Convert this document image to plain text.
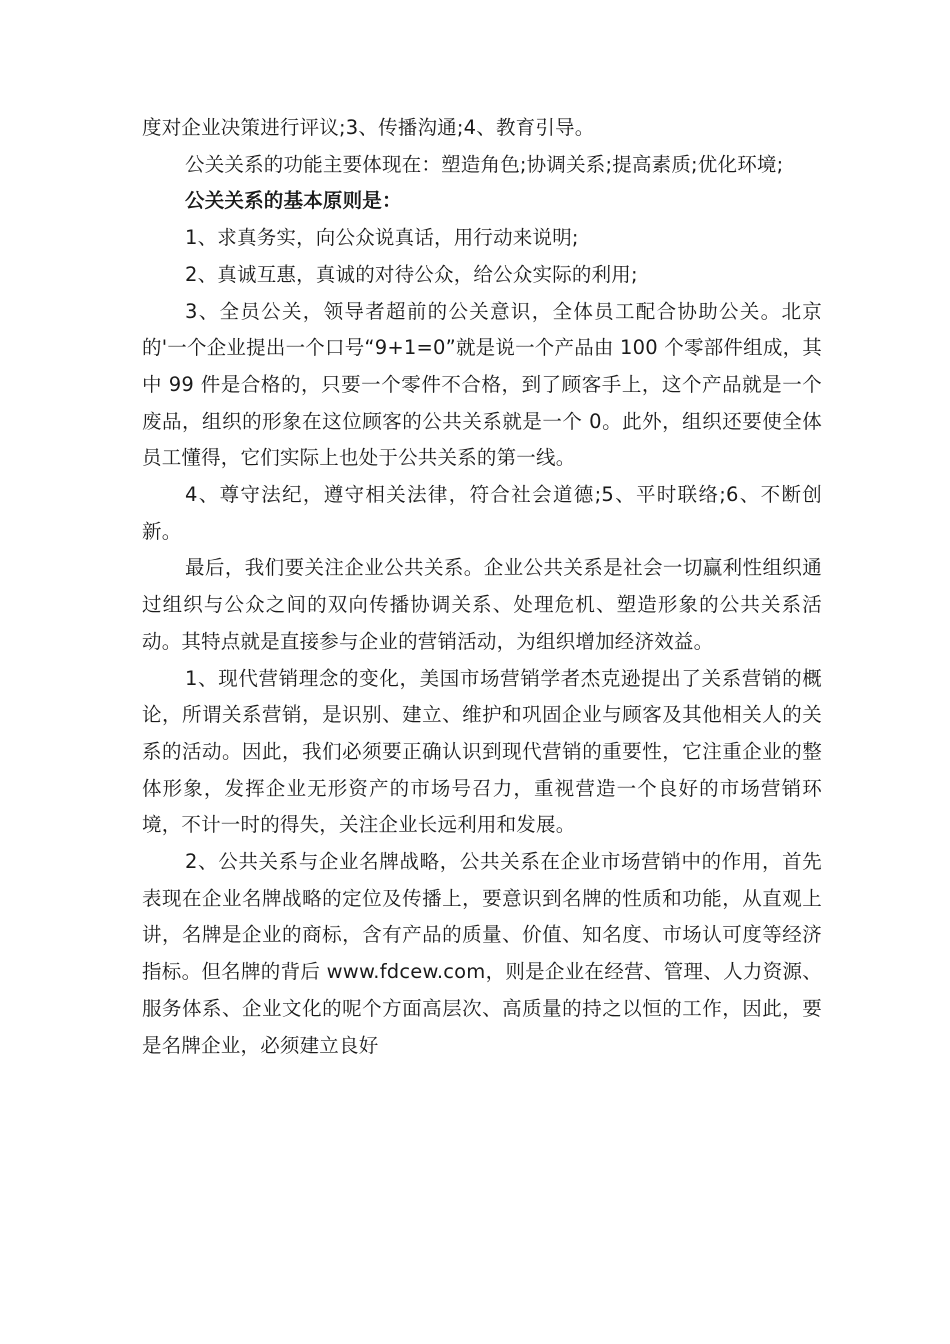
度对企业决策进行评议;3、传播沟通;4、教育引导。

公关关系的功能主要体现在：塑造角色;协调关系;提高素质;优化环境;

公关关系的基本原则是：

1、求真务实，向公众说真话，用行动来说明;

2、真诚互惠，真诚的对待公众，给公众实际的利用;

3、全员公关，领导者超前的公关意识，全体员工配合协助公关。北京的'一个企业提出一个口号“9+1=0”就是说一个产品由 100 个零部件组成，其中 99 件是合格的，只要一个零件不合格，到了顾客手上，这个产品就是一个废品，组织的形象在这位顾客的公共关系就是一个 0。此外，组织还要使全体员工懂得，它们实际上也处于公共关系的第一线。

4、尊守法纪，遵守相关法律，符合社会道德;5、平时联络;6、不断创新。

最后，我们要关注企业公共关系。企业公共关系是社会一切赢利性组织通过组织与公众之间的双向传播协调关系、处理危机、塑造形象的公共关系活动。其特点就是直接参与企业的营销活动，为组织增加经济效益。

1、现代营销理念的变化，美国市场营销学者杰克逊提出了关系营销的概论，所谓关系营销，是识别、建立、维护和巩固企业与顾客及其他相关人的关系的活动。因此，我们必须要正确认识到现代营销的重要性，它注重企业的整体形象，发挥企业无形资产的市场号召力，重视营造一个良好的市场营销环境，不计一时的得失，关注企业长远利用和发展。

2、公共关系与企业名牌战略，公共关系在企业市场营销中的作用，首先表现在企业名牌战略的定位及传播上，要意识到名牌的性质和功能，从直观上讲，名牌是企业的商标，含有产品的质量、价值、知名度、市场认可度等经济指标。但名牌的背后 www.fdcew.com，则是企业在经营、管理、人力资源、服务体系、企业文化的呢个方面高层次、高质量的持之以恒的工作，因此，要是名牌企业，必须建立良好
